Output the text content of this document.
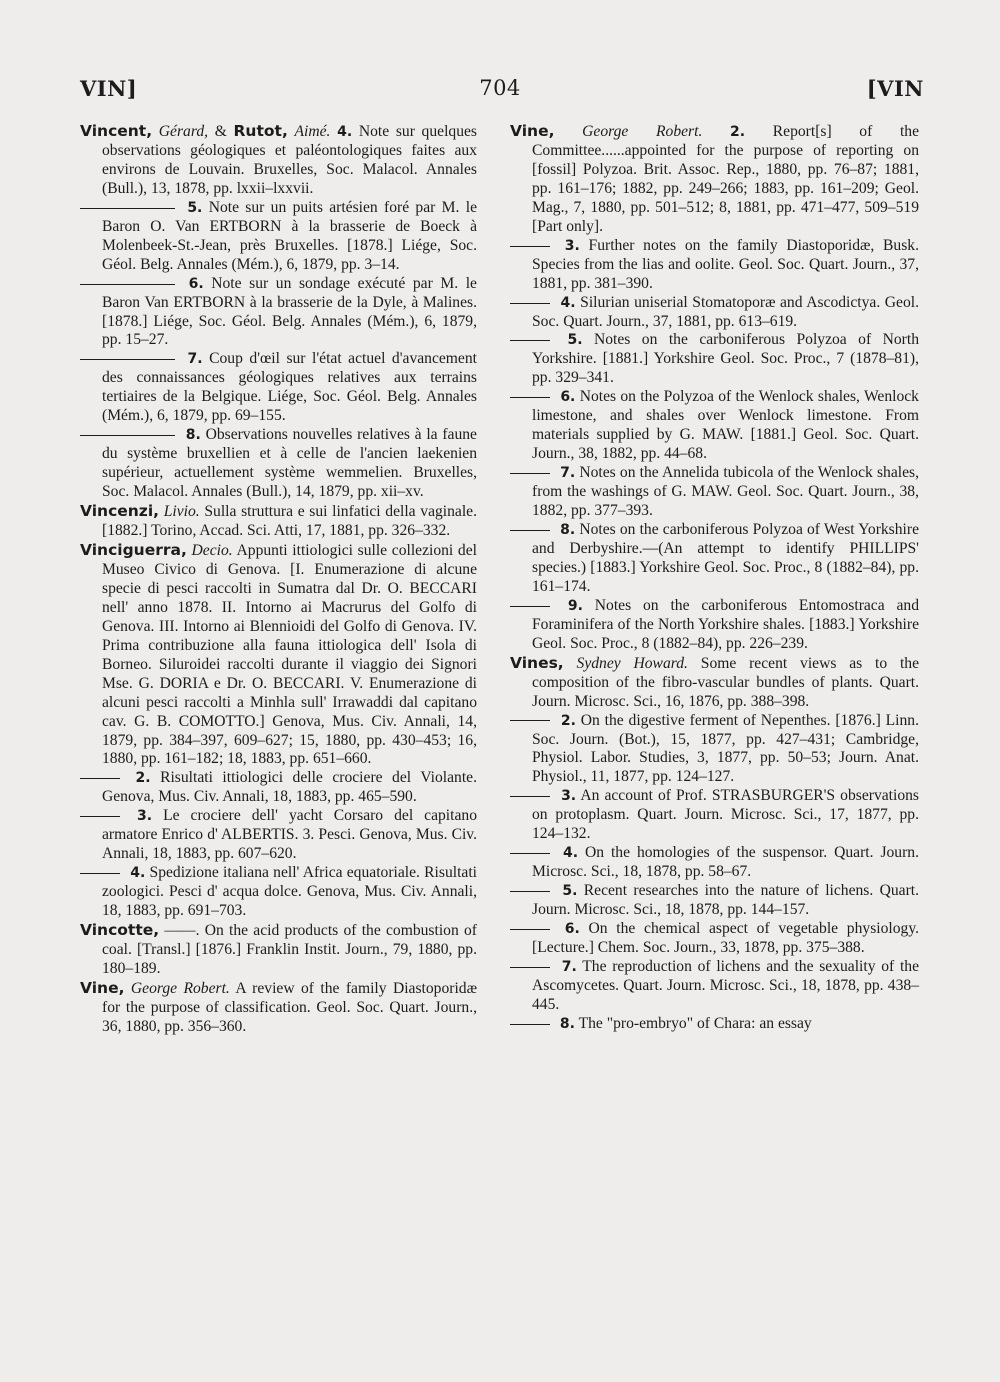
704
VIN]	[VIN

Vincent, Gérard, & Rutot, Aimé. 4. Note sur quelques observations géologiques et paléontologiques faites aux environs de Louvain. Bruxelles, Soc. Malacol. Annales (Bull.), 13, 1878, pp. lxxii–lxxvii.

5. Note sur un puits artésien foré par M. le Baron O. Van ERTBORN à la brasserie de Boeck à Molenbeek-St.-Jean, près Bruxelles. [1878.] Liége, Soc. Géol. Belg. Annales (Mém.), 6, 1879, pp. 3–14.

6. Note sur un sondage exécuté par M. le Baron Van ERTBORN à la brasserie de la Dyle, à Malines. [1878.] Liége, Soc. Géol. Belg. Annales (Mém.), 6, 1879, pp. 15–27.

7. Coup d'œil sur l'état actuel d'avancement des connaissances géologiques relatives aux terrains tertiaires de la Belgique. Liége, Soc. Géol. Belg. Annales (Mém.), 6, 1879, pp. 69–155.

8. Observations nouvelles relatives à la faune du système bruxellien et à celle de l'ancien laekenien supérieur, actuellement système wemmelien. Bruxelles, Soc. Malacol. Annales (Bull.), 14, 1879, pp. xii–xv.

Vincenzi, Livio. Sulla struttura e sui linfatici della vaginale. [1882.] Torino, Accad. Sci. Atti, 17, 1881, pp. 326–332.

Vinciguerra, Decio. Appunti ittiologici sulle collezioni del Museo Civico di Genova. [I. Enumerazione di alcune specie di pesci raccolti in Sumatra dal Dr. O. BECCARI nell' anno 1878. II. Intorno ai Macrurus del Golfo di Genova. III. Intorno ai Blennioidi del Golfo di Genova. IV. Prima contribuzione alla fauna ittiologica dell' Isola di Borneo. Siluroidei raccolti durante il viaggio dei Signori Mse. G. DORIA e Dr. O. BECCARI. V. Enumerazione di alcuni pesci raccolti a Minhla sull' Irrawaddi dal capitano cav. G. B. COMOTTO.] Genova, Mus. Civ. Annali, 14, 1879, pp. 384–397, 609–627; 15, 1880, pp. 430–453; 16, 1880, pp. 161–182; 18, 1883, pp. 651–660.

2. Risultati ittiologici delle crociere del Violante. Genova, Mus. Civ. Annali, 18, 1883, pp. 465–590.

3. Le crociere dell' yacht Corsaro del capitano armatore Enrico d' ALBERTIS. 3. Pesci. Genova, Mus. Civ. Annali, 18, 1883, pp. 607–620.

4. Spedizione italiana nell' Africa equatoriale. Risultati zoologici. Pesci d' acqua dolce. Genova, Mus. Civ. Annali, 18, 1883, pp. 691–703.

Vincotte, ——. On the acid products of the combustion of coal. [Transl.] [1876.] Franklin Instit. Journ., 79, 1880, pp. 180–189.

Vine, George Robert. A review of the family Diastoporidæ for the purpose of classification. Geol. Soc. Quart. Journ., 36, 1880, pp. 356–360.

Vine, George Robert. 2. Report[s] of the Committee......appointed for the purpose of reporting on [fossil] Polyzoa. Brit. Assoc. Rep., 1880, pp. 76–87; 1881, pp. 161–176; 1882, pp. 249–266; 1883, pp. 161–209; Geol. Mag., 7, 1880, pp. 501–512; 8, 1881, pp. 471–477, 509–519 [Part only].

3. Further notes on the family Diastoporidæ, Busk. Species from the lias and oolite. Geol. Soc. Quart. Journ., 37, 1881, pp. 381–390.

4. Silurian uniserial Stomatoporæ and Ascodictya. Geol. Soc. Quart. Journ., 37, 1881, pp. 613–619.

5. Notes on the carboniferous Polyzoa of North Yorkshire. [1881.] Yorkshire Geol. Soc. Proc., 7 (1878–81), pp. 329–341.

6. Notes on the Polyzoa of the Wenlock shales, Wenlock limestone, and shales over Wenlock limestone. From materials supplied by G. MAW. [1881.] Geol. Soc. Quart. Journ., 38, 1882, pp. 44–68.

7. Notes on the Annelida tubicola of the Wenlock shales, from the washings of G. MAW. Geol. Soc. Quart. Journ., 38, 1882, pp. 377–393.

8. Notes on the carboniferous Polyzoa of West Yorkshire and Derbyshire.—(An attempt to identify PHILLIPS' species.) [1883.] Yorkshire Geol. Soc. Proc., 8 (1882–84), pp. 161–174.

9. Notes on the carboniferous Entomostraca and Foraminifera of the North Yorkshire shales. [1883.] Yorkshire Geol. Soc. Proc., 8 (1882–84), pp. 226–239.

Vines, Sydney Howard. Some recent views as to the composition of the fibro-vascular bundles of plants. Quart. Journ. Microsc. Sci., 16, 1876, pp. 388–398.

2. On the digestive ferment of Nepenthes. [1876.] Linn. Soc. Journ. (Bot.), 15, 1877, pp. 427–431; Cambridge, Physiol. Labor. Studies, 3, 1877, pp. 50–53; Journ. Anat. Physiol., 11, 1877, pp. 124–127.

3. An account of Prof. STRASBURGER'S observations on protoplasm. Quart. Journ. Microsc. Sci., 17, 1877, pp. 124–132.

4. On the homologies of the suspensor. Quart. Journ. Microsc. Sci., 18, 1878, pp. 58–67.

5. Recent researches into the nature of lichens. Quart. Journ. Microsc. Sci., 18, 1878, pp. 144–157.

6. On the chemical aspect of vegetable physiology. [Lecture.] Chem. Soc. Journ., 33, 1878, pp. 375–388.

7. The reproduction of lichens and the sexuality of the Ascomycetes. Quart. Journ. Microsc. Sci., 18, 1878, pp. 438–445.

8. The "pro-embryo" of Chara: an essay
